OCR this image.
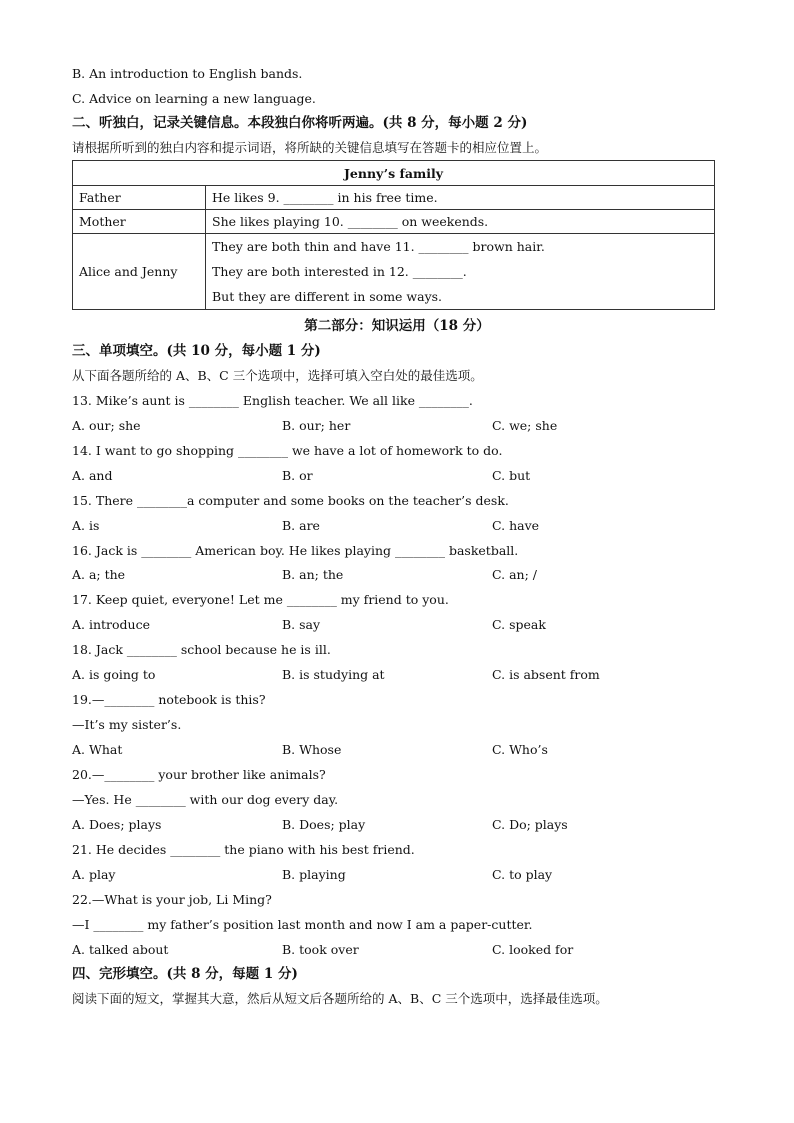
B. An introduction to English bands.
C. Advice on learning a new language.
二、听独白，记录关键信息。本段独白你将听两遍。(共 8 分，每小题 2 分)
请根据所听到的独白内容和提示词语，将所缺的关键信息填写在答题卡的相应位置上。
Jenny’s family	
Father	He likes 9. ________ in his free time.
Mother	She likes playing 10. ________ on weekends.
Alice and Jenny	They are both thin and have 11. ________ brown hair.
They are both interested in 12. ________.
But they are different in some ways.
第二部分：知识运用（18 分）
三、单项填空。(共 10 分，每小题 1 分)
从下面各题所给的 A、B、C 三个选项中，选择可填入空白处的最佳选项。
13. Mike’s aunt is ________ English teacher. We all like ________.
A. our; she	B. our; her	C. we; she
14. I want to go shopping ________ we have a lot of homework to do.
A. and	B. or	C. but
15. There ________a computer and some books on the teacher’s desk.
A. is	B. are	C. have
16. Jack is ________ American boy. He likes playing ________ basketball.
A. a; the	B. an; the	C. an; /
17. Keep quiet, everyone! Let me ________ my friend to you.
A. introduce	B. say	C. speak
18. Jack ________ school because he is ill.
A. is going to	B. is studying at	C. is absent from
19.—________ notebook is this?
—It’s my sister’s.
A. What	B. Whose	C. Who’s
20.—________ your brother like animals?
—Yes. He ________ with our dog every day.
A. Does; plays	B. Does; play	C. Do; plays
21. He decides ________ the piano with his best friend.
A. play	B. playing	C. to play
22.—What is your job, Li Ming?
—I ________ my father’s position last month and now I am a paper-cutter.
A. talked about	B. took over	C. looked for
四、完形填空。(共 8 分，每题 1 分)
阅读下面的短文，掌握其大意，然后从短文后各题所给的 A、B、C 三个选项中，选择最佳选项。
